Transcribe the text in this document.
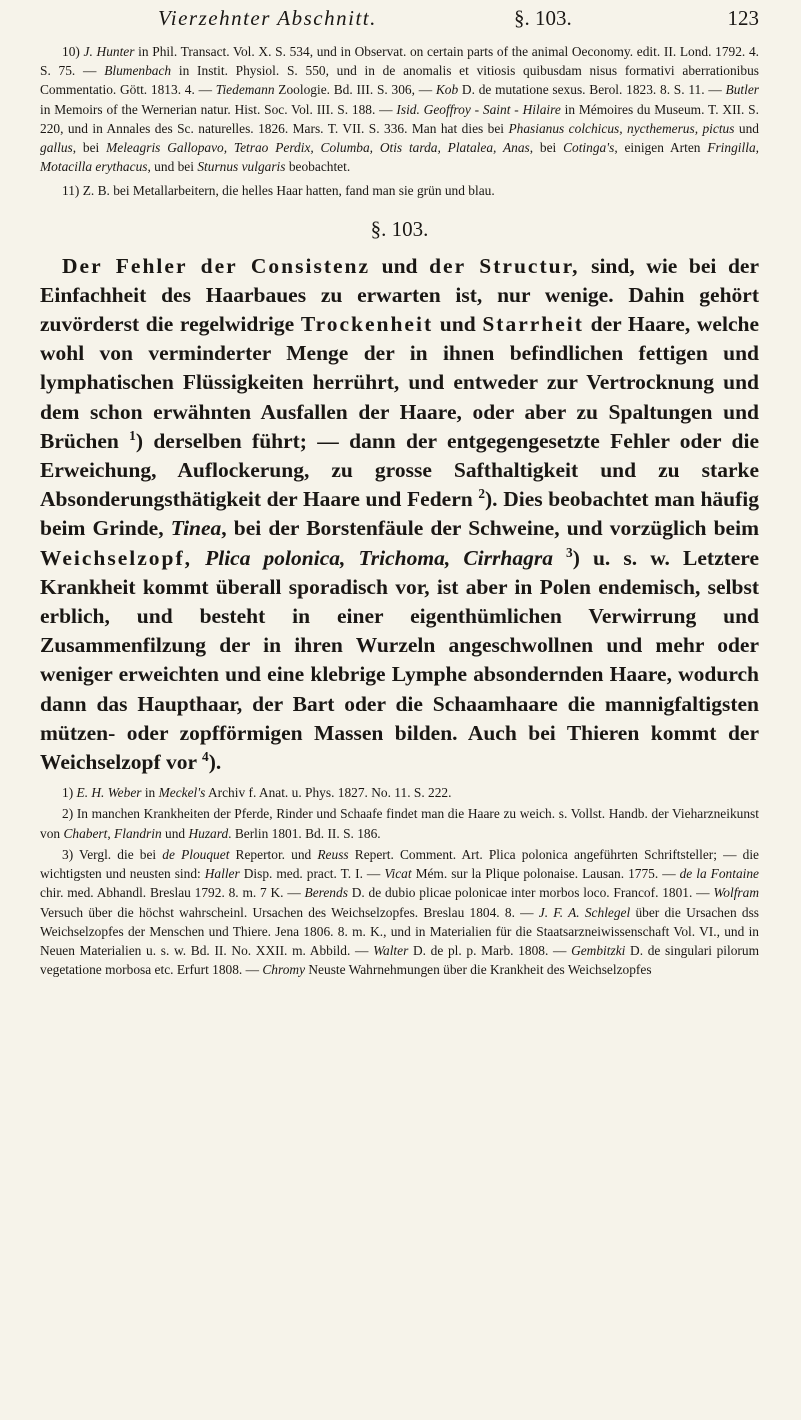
Vierzehnter Abschnitt.	§. 103.	123

10) J. Hunter in Phil. Transact. Vol. X. S. 534, und in Observat. on certain parts of the animal Oeconomy. edit. II. Lond. 1792. 4. S. 75. — Blumenbach in Instit. Physiol. S. 550, und in de anomalis et vitiosis quibusdam nisus formativi aberrationibus Commentatio. Gött. 1813. 4. — Tiedemann Zoologie. Bd. III. S. 306, — Kob D. de mutatione sexus. Berol. 1823. 8. S. 11. — Butler in Memoirs of the Wernerian natur. Hist. Soc. Vol. III. S. 188. — Isid. Geoffroy - Saint - Hilaire in Mémoires du Museum. T. XII. S. 220, und in Annales des Sc. naturelles. 1826. Mars. T. VII. S. 336. Man hat dies bei Phasianus colchicus, nycthemerus, pictus und gallus, bei Meleagris Gallopavo, Tetrao Perdix, Columba, Otis tarda, Platalea, Anas, bei Cotinga's, einigen Arten Fringilla, Motacilla erythacus, und bei Sturnus vulgaris beobachtet.

11) Z. B. bei Metallarbeitern, die helles Haar hatten, fand man sie grün und blau.

§. 103.

Der Fehler der Consistenz und der Structur, sind, wie bei der Einfachheit des Haarbaues zu erwarten ist, nur wenige. Dahin gehört zuvörderst die regelwidrige Trockenheit und Starrheit der Haare, welche wohl von verminderter Menge der in ihnen befindlichen fettigen und lymphatischen Flüssigkeiten herrührt, und entweder zur Vertrocknung und dem schon erwähnten Ausfallen der Haare, oder aber zu Spaltungen und Brüchen $^1$) derselben führt; — dann der entgegengesetzte Fehler oder die Erweichung, Auflockerung, zu grosse Safthaltigkeit und zu starke Absonderungsthätigkeit der Haare und Federn $^2$). Dies beobachtet man häufig beim Grinde, Tinea, bei der Borstenfäule der Schweine, und vorzüglich beim Weichselzopf, Plica polonica, Trichoma, Cirrhagra $^3$) u. s. w. Letztere Krankheit kommt überall sporadisch vor, ist aber in Polen endemisch, selbst erblich, und besteht in einer eigenthümlichen Verwirrung und Zusammenfilzung der in ihren Wurzeln angeschwollnen und mehr oder weniger erweichten und eine klebrige Lymphe absondernden Haare, wodurch dann das Haupthaar, der Bart oder die Schaamhaare die mannigfaltigsten mützen- oder zopfförmigen Massen bilden. Auch bei Thieren kommt der Weichselzopf vor $^4$).

1) E. H. Weber in Meckel's Archiv f. Anat. u. Phys. 1827. No. 11. S. 222.

2) In manchen Krankheiten der Pferde, Rinder und Schaafe findet man die Haare zu weich. s. Vollst. Handb. der Vieharzneikunst von Chabert, Flandrin und Huzard. Berlin 1801. Bd. II. S. 186.

3) Vergl. die bei de Plouquet Repertor. und Reuss Repert. Comment. Art. Plica polonica angeführten Schriftsteller; — die wichtigsten und neusten sind: Haller Disp. med. pract. T. I. — Vicat Mém. sur la Plique polonaise. Lausan. 1775. — de la Fontaine chir. med. Abhandl. Breslau 1792. 8. m. 7 K. — Berends D. de dubio plicae polonicae inter morbos loco. Francof. 1801. — Wolfram Versuch über die höchst wahrscheinl. Ursachen des Weichselzopfes. Breslau 1804. 8. — J. F. A. Schlegel über die Ursachen dss Weichselzopfes der Menschen und Thiere. Jena 1806. 8. m. K., und in Materialien für die Staatsarzneiwissenschaft Vol. VI., und in Neuen Materialien u. s. w. Bd. II. No. XXII. m. Abbild. — Walter D. de pl. p. Marb. 1808. — Gembitzki D. de singulari pilorum vegetatione morbosa etc. Erfurt 1808. — Chromy Neuste Wahrnehmungen über die Krankheit des Weichselzopfes
